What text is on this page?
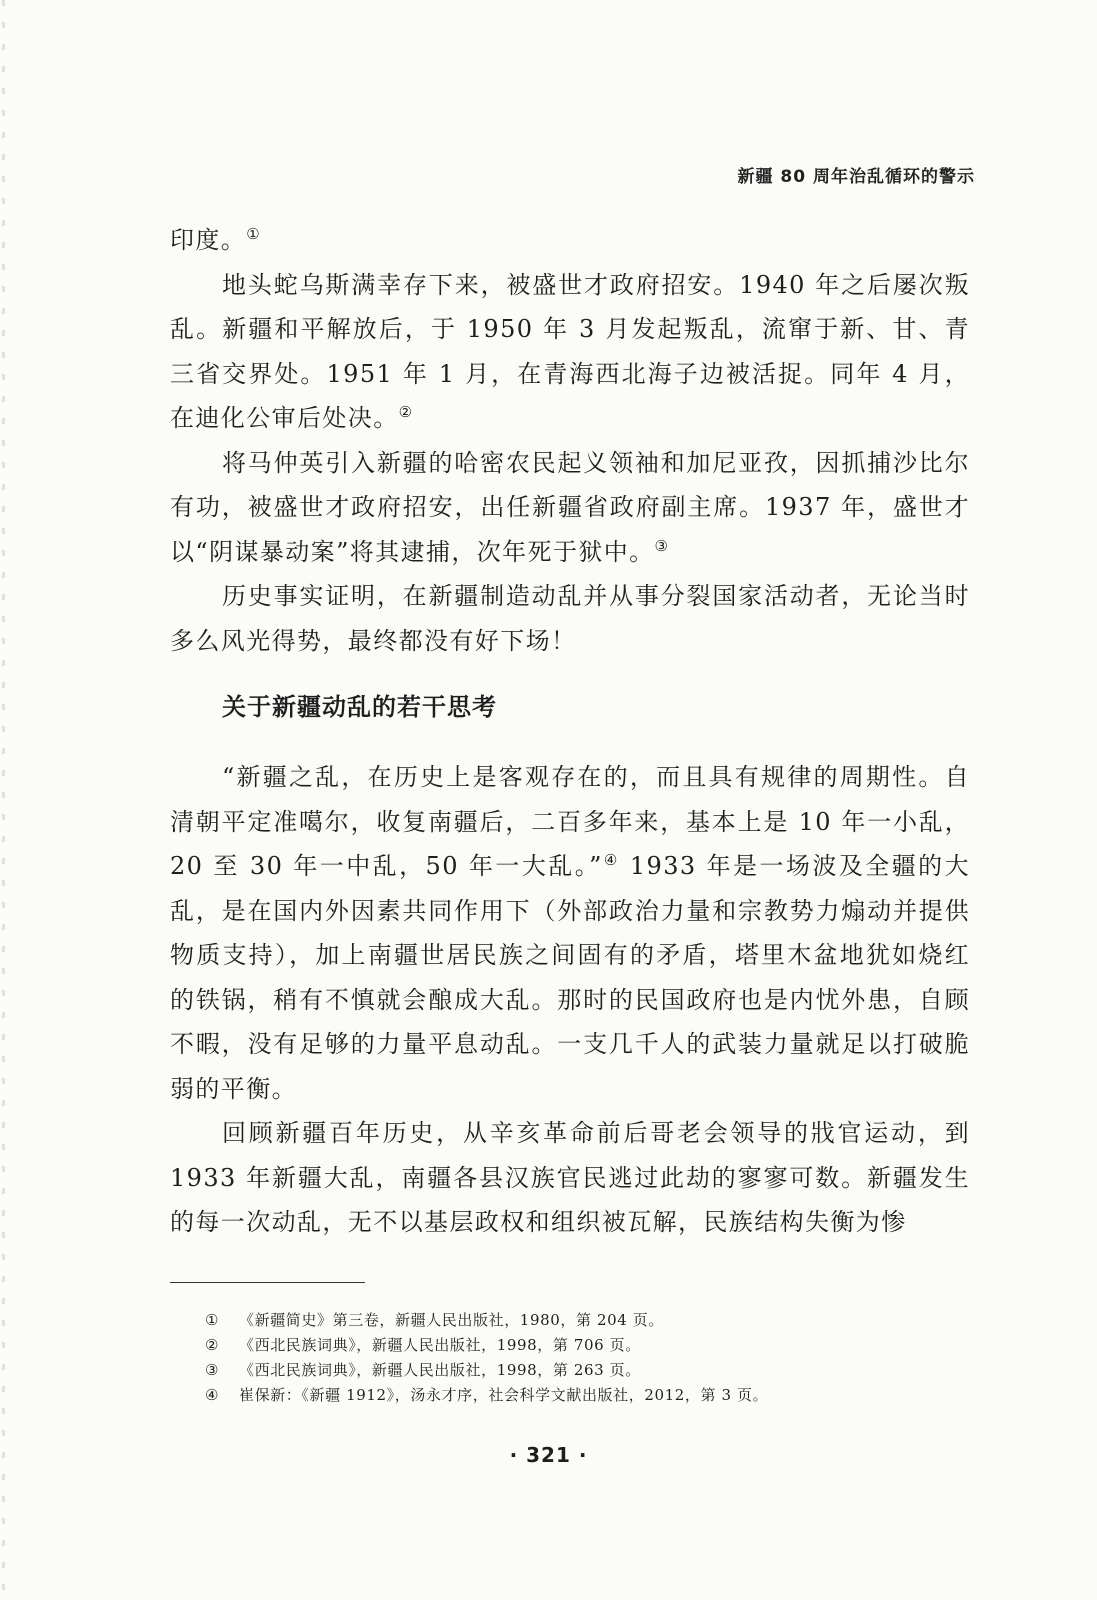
新疆 80 周年治乱循环的警示

印度。①

地头蛇乌斯满幸存下来，被盛世才政府招安。1940 年之后屡次叛乱。新疆和平解放后，于 1950 年 3 月发起叛乱，流窜于新、甘、青三省交界处。1951 年 1 月，在青海西北海子边被活捉。同年 4 月，在迪化公审后处决。②

将马仲英引入新疆的哈密农民起义领袖和加尼亚孜，因抓捕沙比尔有功，被盛世才政府招安，出任新疆省政府副主席。1937 年，盛世才以“阴谋暴动案”将其逮捕，次年死于狱中。③

历史事实证明，在新疆制造动乱并从事分裂国家活动者，无论当时多么风光得势，最终都没有好下场！

关于新疆动乱的若干思考

“新疆之乱，在历史上是客观存在的，而且具有规律的周期性。自清朝平定准噶尔，收复南疆后，二百多年来，基本上是 10 年一小乱，20 至 30 年一中乱，50 年一大乱。”④ 1933 年是一场波及全疆的大乱，是在国内外因素共同作用下（外部政治力量和宗教势力煽动并提供物质支持），加上南疆世居民族之间固有的矛盾，塔里木盆地犹如烧红的铁锅，稍有不慎就会酿成大乱。那时的民国政府也是内忧外患，自顾不暇，没有足够的力量平息动乱。一支几千人的武装力量就足以打破脆弱的平衡。

回顾新疆百年历史，从辛亥革命前后哥老会领导的戕官运动，到 1933 年新疆大乱，南疆各县汉族官民逃过此劫的寥寥可数。新疆发生的每一次动乱，无不以基层政权和组织被瓦解，民族结构失衡为惨

①	《新疆简史》第三卷，新疆人民出版社，1980，第 204 页。
②	《西北民族词典》，新疆人民出版社，1998，第 706 页。
③	《西北民族词典》，新疆人民出版社，1998，第 263 页。
④	崔保新：《新疆 1912》，汤永才序，社会科学文献出版社，2012，第 3 页。
· 321 ·
